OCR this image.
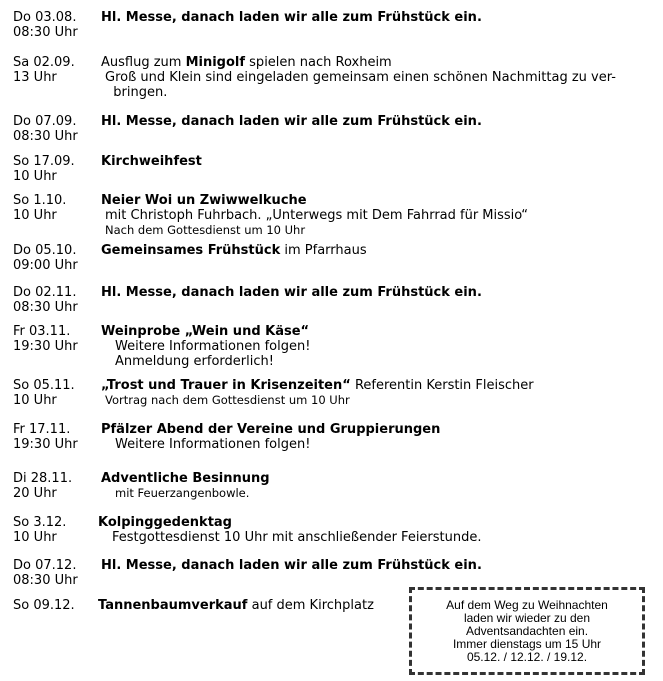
Do 03.08.
08:30 Uhr
Hl. Messe, danach laden wir alle zum Frühstück ein.
Sa 02.09.
13 Uhr
Ausflug zum Minigolf spielen nach Roxheim
Groß und Klein sind eingeladen gemeinsam einen schönen Nachmittag zu ver-
bringen.
Do 07.09.
08:30 Uhr
Hl. Messe, danach laden wir alle zum Frühstück ein.
So 17.09.
10 Uhr
Kirchweihfest
So 1.10.
10 Uhr
Neier Woi un Zwiwwelkuche
mit Christoph Fuhrbach. „Unterwegs mit Dem Fahrrad für Missio“
Nach dem Gottesdienst um 10 Uhr
Do 05.10.
09:00 Uhr
Gemeinsames Frühstück im Pfarrhaus
Do 02.11.
08:30 Uhr
Hl. Messe, danach laden wir alle zum Frühstück ein.
Fr 03.11.
19:30 Uhr
Weinprobe „Wein und Käse“
Weitere Informationen folgen!
Anmeldung erforderlich!
So 05.11.
10 Uhr
„Trost und Trauer in Krisenzeiten“ Referentin Kerstin Fleischer
Vortrag nach dem Gottesdienst um 10 Uhr
Fr 17.11.
19:30 Uhr
Pfälzer Abend der Vereine und Gruppierungen
Weitere Informationen folgen!
Di 28.11.
20 Uhr
Adventliche Besinnung
mit Feuerzangenbowle.
So 3.12.
10 Uhr
Kolpinggedenktag
Festgottesdienst 10 Uhr mit anschließender Feierstunde.
Do 07.12.
08:30 Uhr
Hl. Messe, danach laden wir alle zum Frühstück ein.
So 09.12.	Tannenbaumverkauf auf dem Kirchplatz	Auf dem Weg zu Weihnachten
laden wir wieder zu den
Adventsandachten ein.
Immer dienstags um 15 Uhr
05.12. / 12.12. / 19.12.
